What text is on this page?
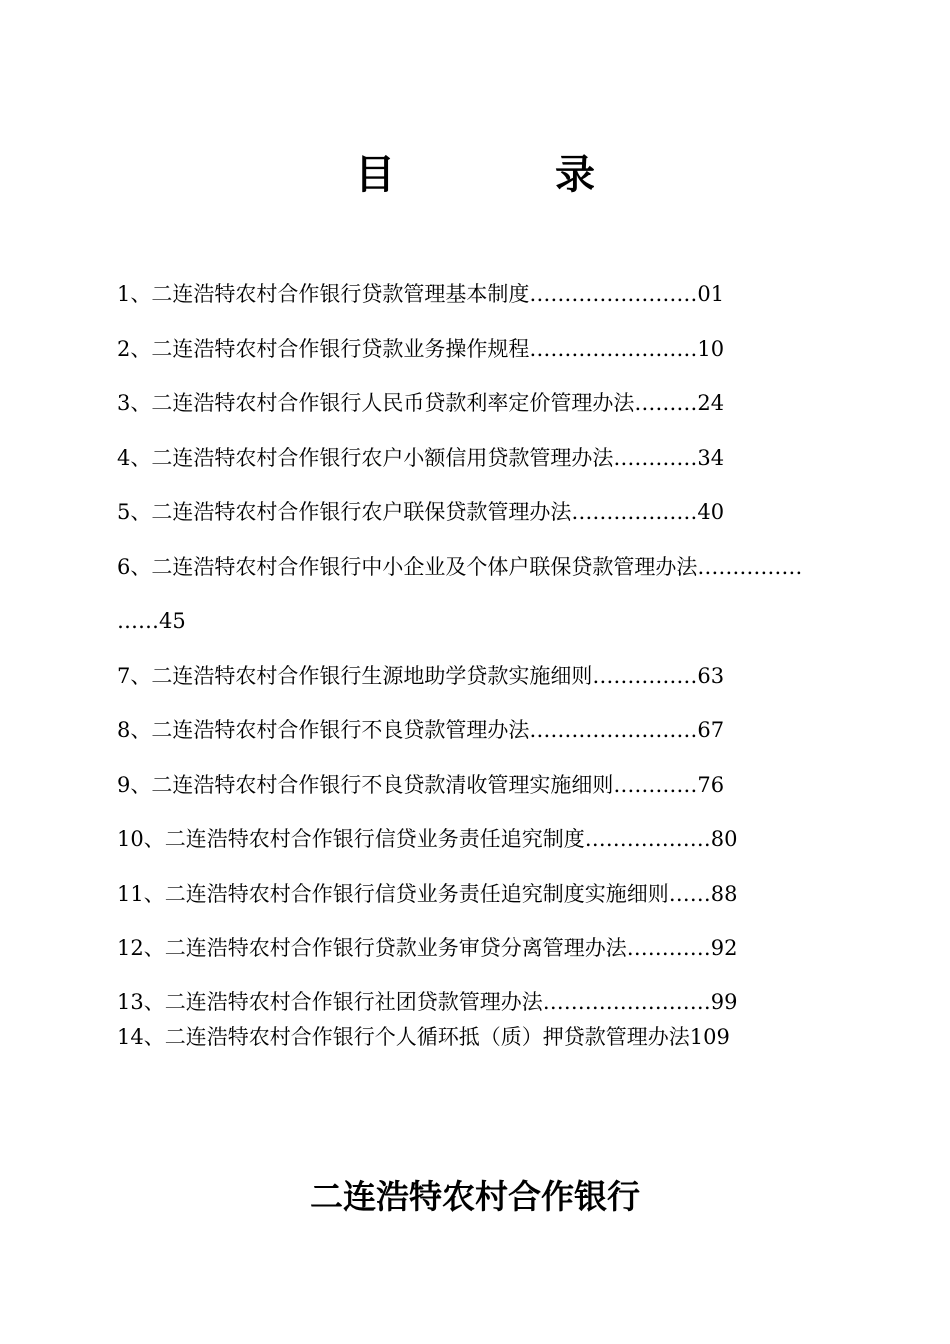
目	录
1、二连浩特农村合作银行贷款管理基本制度……………………01
2、二连浩特农村合作银行贷款业务操作规程……………………10
3、二连浩特农村合作银行人民币贷款利率定价管理办法………24
4、二连浩特农村合作银行农户小额信用贷款管理办法…………34
5、二连浩特农村合作银行农户联保贷款管理办法………………40
6、二连浩特农村合作银行中小企业及个体户联保贷款管理办法……………
……45
7、二连浩特农村合作银行生源地助学贷款实施细则……………63
8、二连浩特农村合作银行不良贷款管理办法……………………67
9、二连浩特农村合作银行不良贷款清收管理实施细则…………76
10、二连浩特农村合作银行信贷业务责任追究制度………………80
11、二连浩特农村合作银行信贷业务责任追究制度实施细则……88
12、二连浩特农村合作银行贷款业务审贷分离管理办法…………92
13、二连浩特农村合作银行社团贷款管理办法……………………99
14、二连浩特农村合作银行个人循环抵（质）押贷款管理办法109
二连浩特农村合作银行
